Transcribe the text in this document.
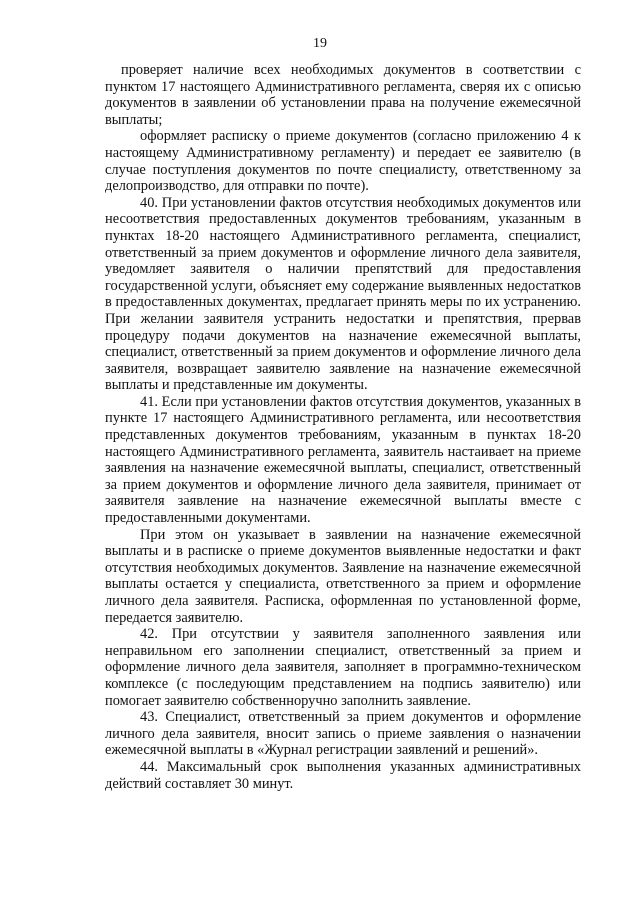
19

проверяет наличие всех необходимых документов в соответствии с пунктом 17 настоящего Административного регламента, сверяя их с описью документов в заявлении об установлении права на получение ежемесячной выплаты;

оформляет расписку о приеме документов (согласно приложению 4 к настоящему Административному регламенту) и передает ее заявителю (в случае поступления документов по почте специалисту, ответственному за делопроизводство, для отправки по почте).

40. При установлении фактов отсутствия необходимых документов или несоответствия предоставленных документов требованиям, указанным в пунктах 18-20 настоящего Административного регламента, специалист, ответственный за прием документов и оформление личного дела заявителя, уведомляет заявителя о наличии препятствий для предоставления государственной услуги, объясняет ему содержание выявленных недостатков в предоставленных документах, предлагает принять меры по их устранению. При желании заявителя устранить недостатки и препятствия, прервав процедуру подачи документов на назначение ежемесячной выплаты, специалист, ответственный за прием документов и оформление личного дела заявителя, возвращает заявителю заявление на назначение ежемесячной выплаты и представленные им документы.

41. Если при установлении фактов отсутствия документов, указанных в пункте 17 настоящего Административного регламента, или несоответствия представленных документов требованиям, указанным в пунктах 18-20 настоящего Административного регламента, заявитель настаивает на приеме заявления на назначение ежемесячной выплаты, специалист, ответственный за прием документов и оформление личного дела заявителя, принимает от заявителя заявление на назначение ежемесячной выплаты вместе с предоставленными документами.

При этом он указывает в заявлении на назначение ежемесячной выплаты и в расписке о приеме документов выявленные недостатки и факт отсутствия необходимых документов. Заявление на назначение ежемесячной выплаты остается у специалиста, ответственного за прием и оформление личного дела заявителя. Расписка, оформленная по установленной форме, передается заявителю.

42. При отсутствии у заявителя заполненного заявления или неправильном его заполнении специалист, ответственный за прием и оформление личного дела заявителя, заполняет в программно-техническом комплексе (с последующим представлением на подпись заявителю) или помогает заявителю собственноручно заполнить заявление.

43. Специалист, ответственный за прием документов и оформление личного дела заявителя, вносит запись о приеме заявления о назначении ежемесячной выплаты в «Журнал регистрации заявлений и решений».

44. Максимальный срок выполнения указанных административных действий составляет 30 минут.
